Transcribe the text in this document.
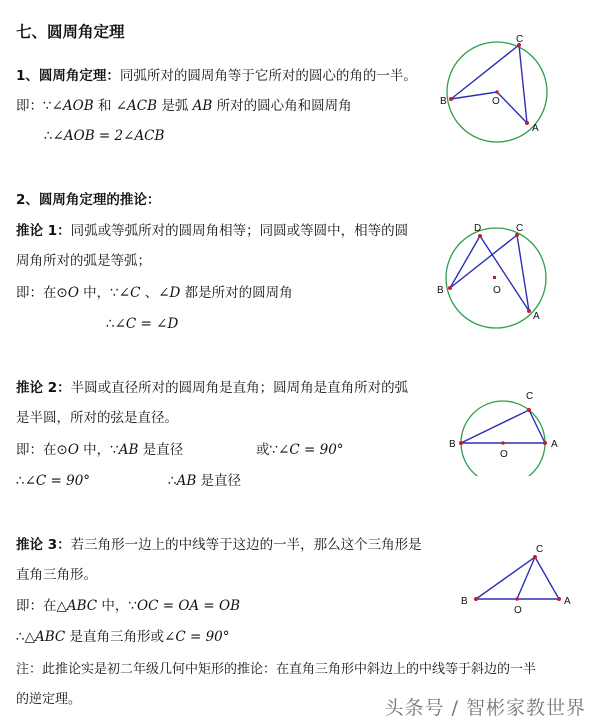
七、圆周角定理
1、圆周角定理：同弧所对的圆周角等于它所对的圆心的角的一半。
即：∵∠AOB 和 ∠ACB 是弧 AB 所对的圆心角和圆周角
∴∠AOB = 2∠ACB
2、圆周角定理的推论：
推论 1：同弧或等弧所对的圆周角相等；同圆或等圆中，相等的圆
周角所对的弧是等弧；
即：在⊙O 中，∵∠C 、∠D 都是所对的圆周角
∴∠C = ∠D
推论 2：半圆或直径所对的圆周角是直角；圆周角是直角所对的弧
是半圆，所对的弦是直径。
即：在⊙O 中，∵AB 是直径	或∵∠C = 90°
∴∠C = 90°	∴AB 是直径
推论 3：若三角形一边上的中线等于这边的一半，那么这个三角形是
直角三角形。
即：在△ABC 中，∵OC = OA = OB
∴△ABC 是直角三角形或∠C = 90°
注：此推论实是初二年级几何中矩形的推论：在直角三角形中斜边上的中线等于斜边的一半
的逆定理。
C
B	O
A
D	C
B	O
A
C
B
O
A
C
B
O
A
头条号 / 智彬家教世界
